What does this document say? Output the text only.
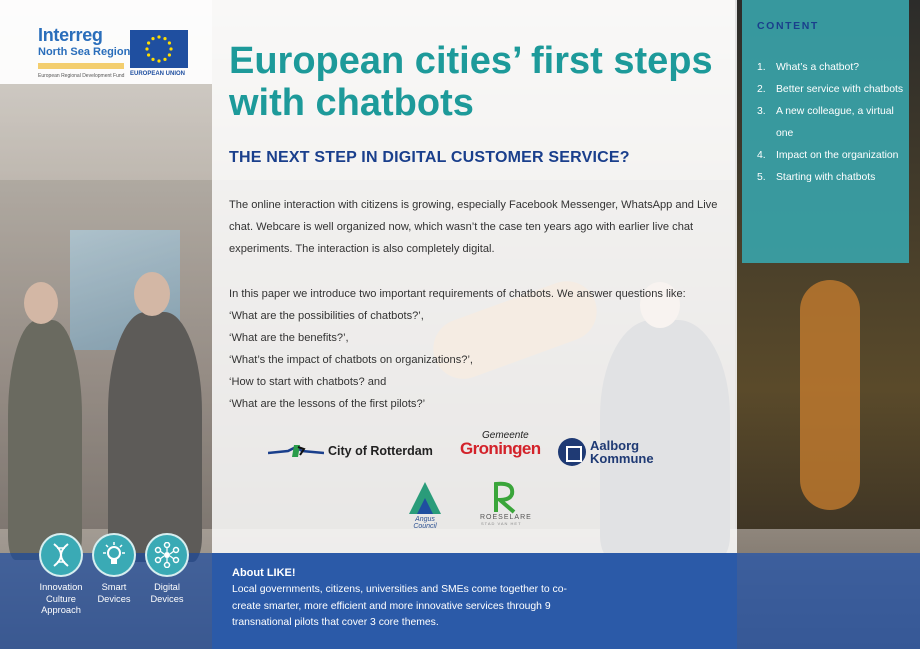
Interreg
North Sea Region
European Regional Development Fund EUROPEAN UNION European cities’ first steps with chatbots
THE NEXT STEP IN DIGITAL CUSTOMER SERVICE?

The online interaction with citizens is growing, especially Facebook Messenger, WhatsApp and Live chat. Webcare is well organized now, which wasn’t the case ten years ago with earlier live chat experiments. The interaction is also completely digital.

In this paper we introduce two important requirements of chatbots. We answer questions like:
‘What are the possibilities of chatbots?’,
‘What are the benefits?’,
‘What’s the impact of chatbots on organizations?’,
‘How to start with chatbots? and
‘What are the lessons of the first pilots?’
City of Rotterdam
Gemeente
Groningen	Aalborg
Kommune
Angus
Council
ROESELARE
STAD VAN HET
CONTENT
1. What’s a chatbot?
2. Better service with chatbots
3. A new colleague, a virtual one
4. Impact on the organization
5. Starting with chatbots
About LIKE!
Local governments, citizens, universities and SMEs come together to co-create smarter, more efficient and more innovative services through 9 transnational pilots that cover 3 core themes.
Innovation Culture Approach
Smart Devices
Digital Devices
